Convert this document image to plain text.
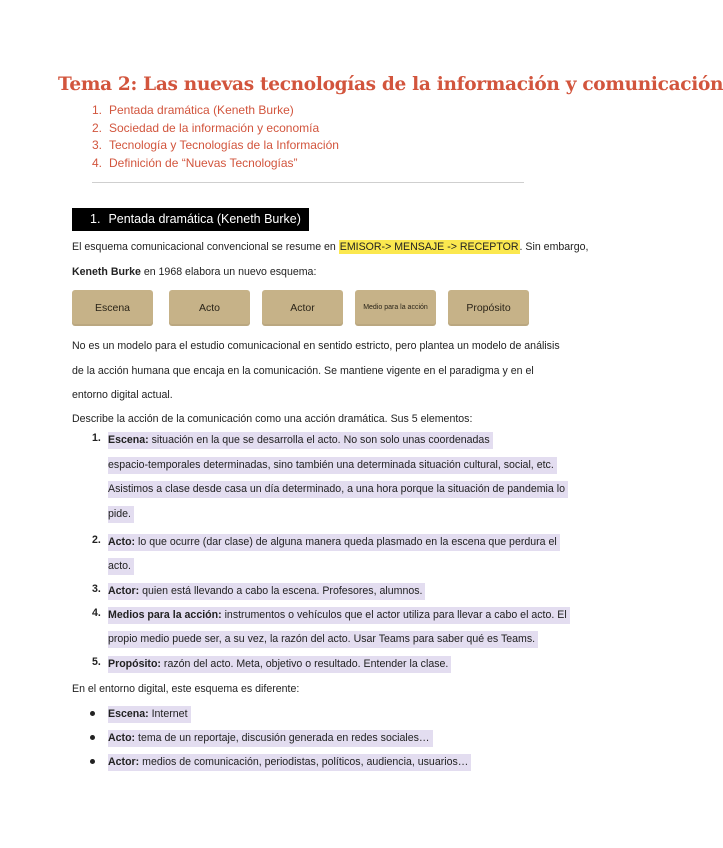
Tema 2: Las nuevas tecnologías de la información y comunicación
1. Pentada dramática (Keneth Burke)
2. Sociedad de la información y economía
3. Tecnología y Tecnologías de la Información
4. Definición de “Nuevas Tecnologías”
1. Pentada dramática (Keneth Burke)
El esquema comunicacional convencional se resume en EMISOR-> MENSAJE -> RECEPTOR. Sin embargo,
Keneth Burke en 1968 elabora un nuevo esquema:
Escena	Acto	Actor	Medio para la acción	Propósito
No es un modelo para el estudio comunicacional en sentido estricto, pero plantea un modelo de análisis
de la acción humana que encaja en la comunicación. Se mantiene vigente en el paradigma y en el
entorno digital actual.
Describe la acción de la comunicación como una acción dramática. Sus 5 elementos:
1. Escena: situación en la que se desarrolla el acto. No son solo unas coordenadas
espacio-temporales determinadas, sino también una determinada situación cultural, social, etc.
Asistimos a clase desde casa un día determinado, a una hora porque la situación de pandemia lo
pide.
2. Acto: lo que ocurre (dar clase) de alguna manera queda plasmado en la escena que perdura el
acto.
3. Actor: quien está llevando a cabo la escena. Profesores, alumnos.
4. Medios para la acción: instrumentos o vehículos que el actor utiliza para llevar a cabo el acto. El
propio medio puede ser, a su vez, la razón del acto. Usar Teams para saber qué es Teams.
5. Propósito: razón del acto. Meta, objetivo o resultado. Entender la clase.
En el entorno digital, este esquema es diferente:
Escena: Internet
Acto: tema de un reportaje, discusión generada en redes sociales…
Actor: medios de comunicación, periodistas, políticos, audiencia, usuarios…
